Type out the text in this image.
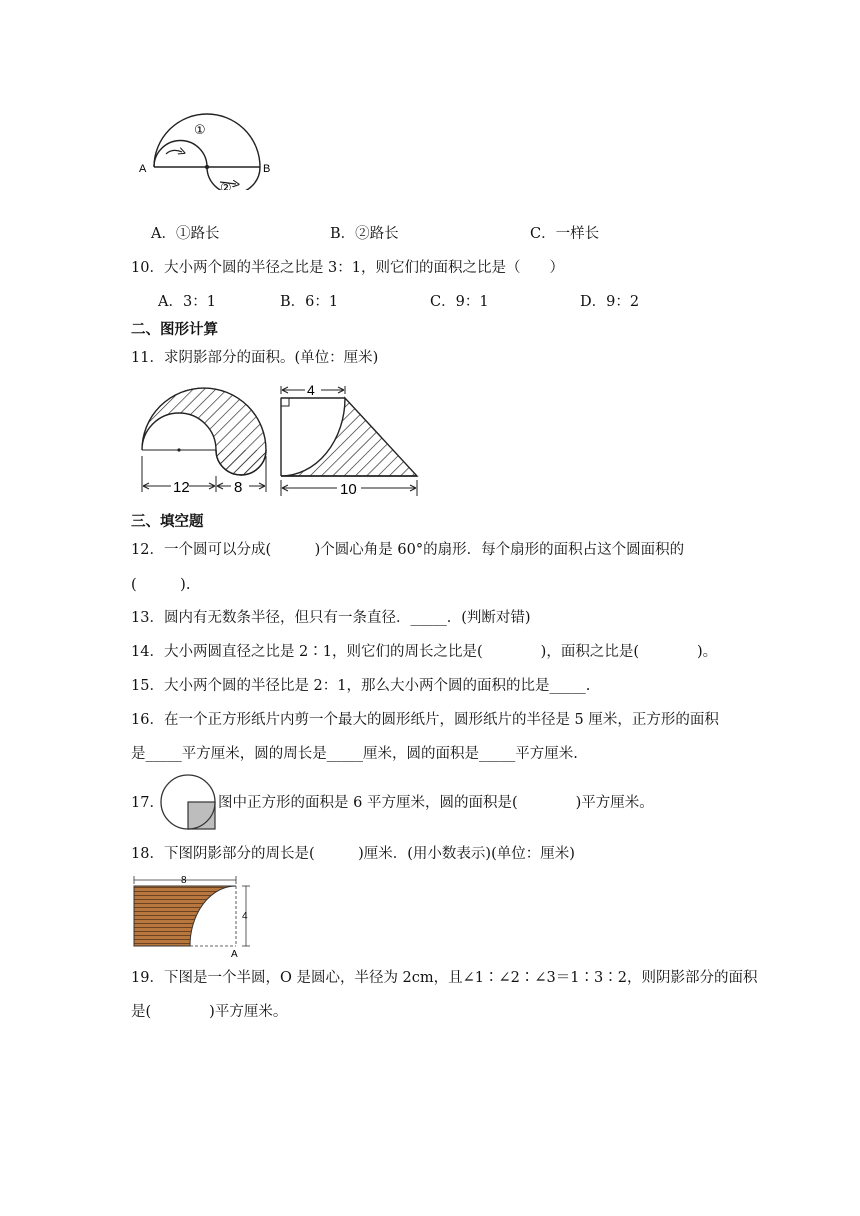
A	B
①
②
A．①路长	B．②路长	C．一样长
10．大小两个圆的半径之比是 3：1，则它们的面积之比是（　　）
A．3：1	B．6：1	C．9：1	D．9：2
二、图形计算
11．求阴影部分的面积。(单位：厘米)
12	8
4
10
三、填空题
12．一个圆可以分成(　　　)个圆心角是 60°的扇形．每个扇形的面积占这个圆面积的
(　　　).
13．圆内有无数条半径，但只有一条直径．_____．(判断对错)
14．大小两圆直径之比是 2∶1，则它们的周长之比是(　　　　)，面积之比是(　　　　)。
15．大小两个圆的半径比是 2：1，那么大小两个圆的面积的比是_____.
16．在一个正方形纸片内剪一个最大的圆形纸片，圆形纸片的半径是 5 厘米，正方形的面积
是_____平方厘米，圆的周长是_____厘米，圆的面积是_____平方厘米.
17．	图中正方形的面积是 6 平方厘米，圆的面积是(　　　　)平方厘米。
18．下图阴影部分的周长是(　　　)厘米．(用小数表示)(单位：厘米)
8
4
A
19．下图是一个半圆，O 是圆心，半径为 2cm，且∠1∶∠2∶∠3＝1∶3∶2，则阴影部分的面积
是(　　　　)平方厘米。
